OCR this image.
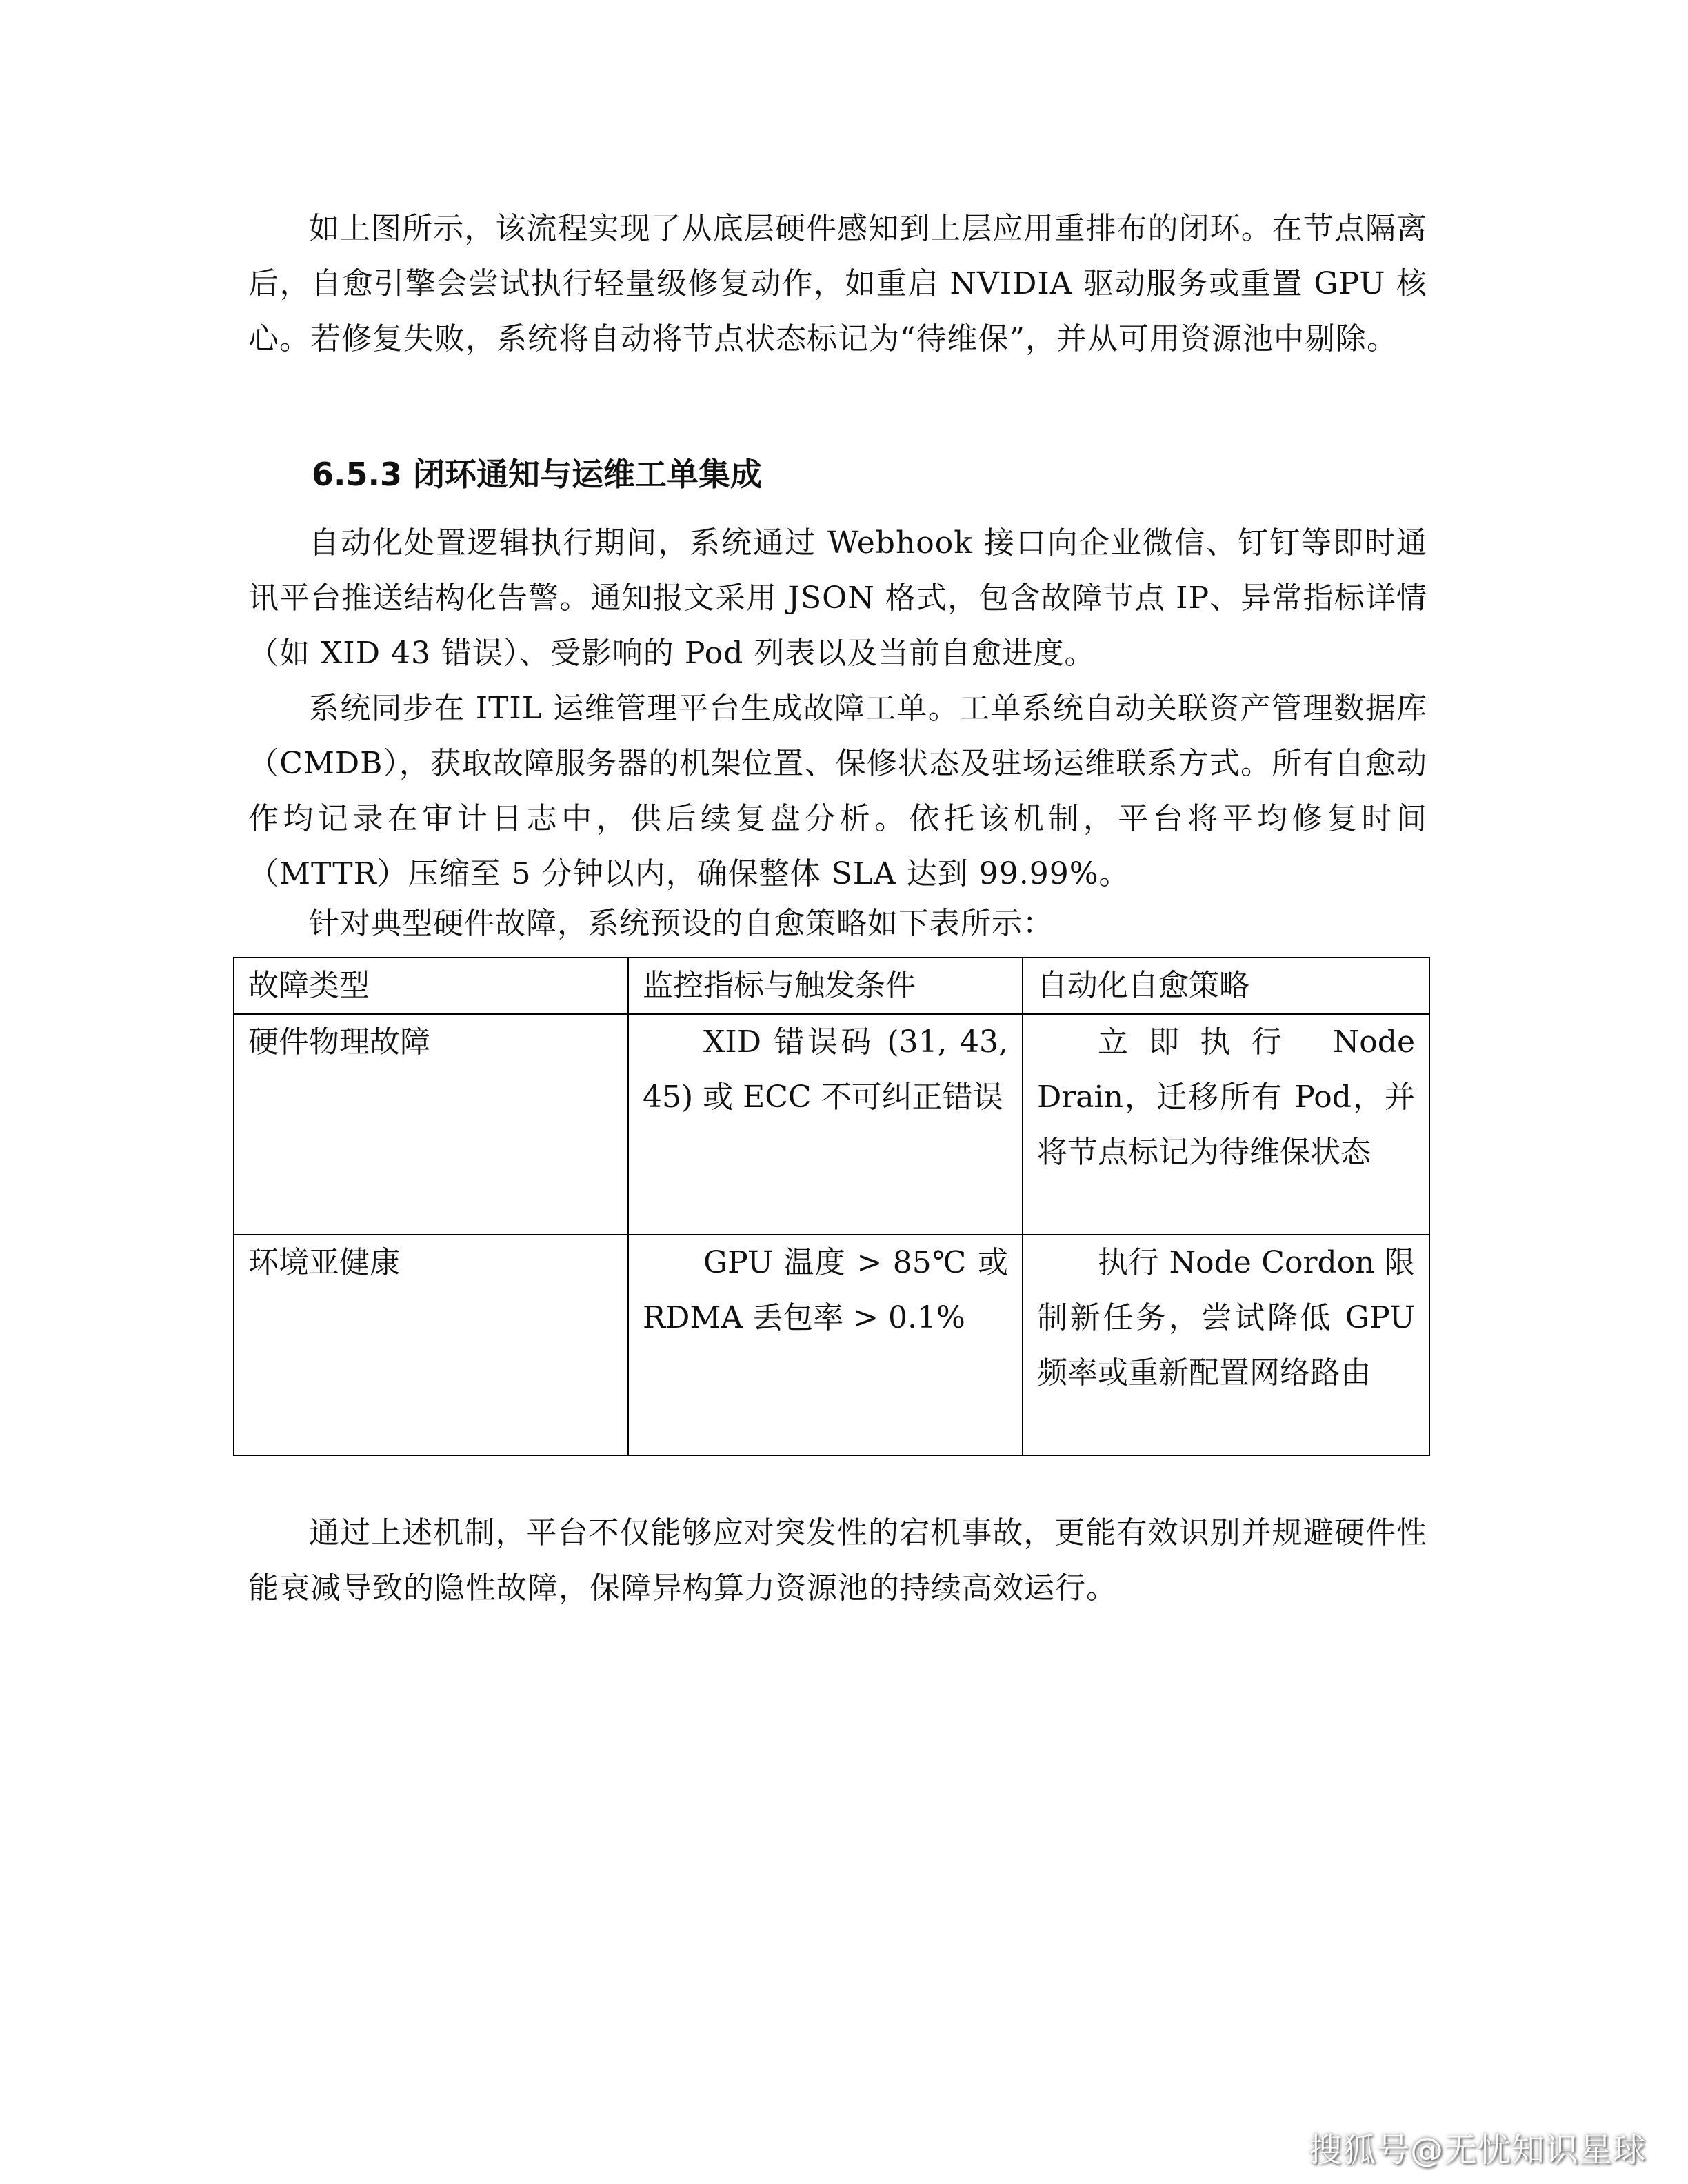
如上图所示，该流程实现了从底层硬件感知到上层应用重排布的闭环。在节点隔离后，自愈引擎会尝试执行轻量级修复动作，如重启 NVIDIA 驱动服务或重置 GPU 核心。若修复失败，系统将自动将节点状态标记为“待维保”，并从可用资源池中剔除。

6.5.3 闭环通知与运维工单集成

自动化处置逻辑执行期间，系统通过 Webhook 接口向企业微信、钉钉等即时通讯平台推送结构化告警。通知报文采用 JSON 格式，包含故障节点 IP、异常指标详情（如 XID 43 错误）、受影响的 Pod 列表以及当前自愈进度。

系统同步在 ITIL 运维管理平台生成故障工单。工单系统自动关联资产管理数据库（CMDB），获取故障服务器的机架位置、保修状态及驻场运维联系方式。所有自愈动作均记录在审计日志中，供后续复盘分析。依托该机制，平台将平均修复时间（MTTR）压缩至 5 分钟以内，确保整体 SLA 达到 99.99%。

针对典型硬件故障，系统预设的自愈策略如下表所示：

故障类型	监控指标与触发条件	自动化自愈策略
硬件物理故障	XID 错误码 (31, 43, 45) 或 ECC 不可纠正错误	立即执行 Node Drain，迁移所有 Pod，并将节点标记为待维保状态
环境亚健康	GPU 温度 > 85℃ 或 RDMA 丢包率 > 0.1%	执行 Node Cordon 限制新任务，尝试降低 GPU 频率或重新配置网络路由

通过上述机制，平台不仅能够应对突发性的宕机事故，更能有效识别并规避硬件性能衰减导致的隐性故障，保障异构算力资源池的持续高效运行。

搜狐号@无忧知识星球
